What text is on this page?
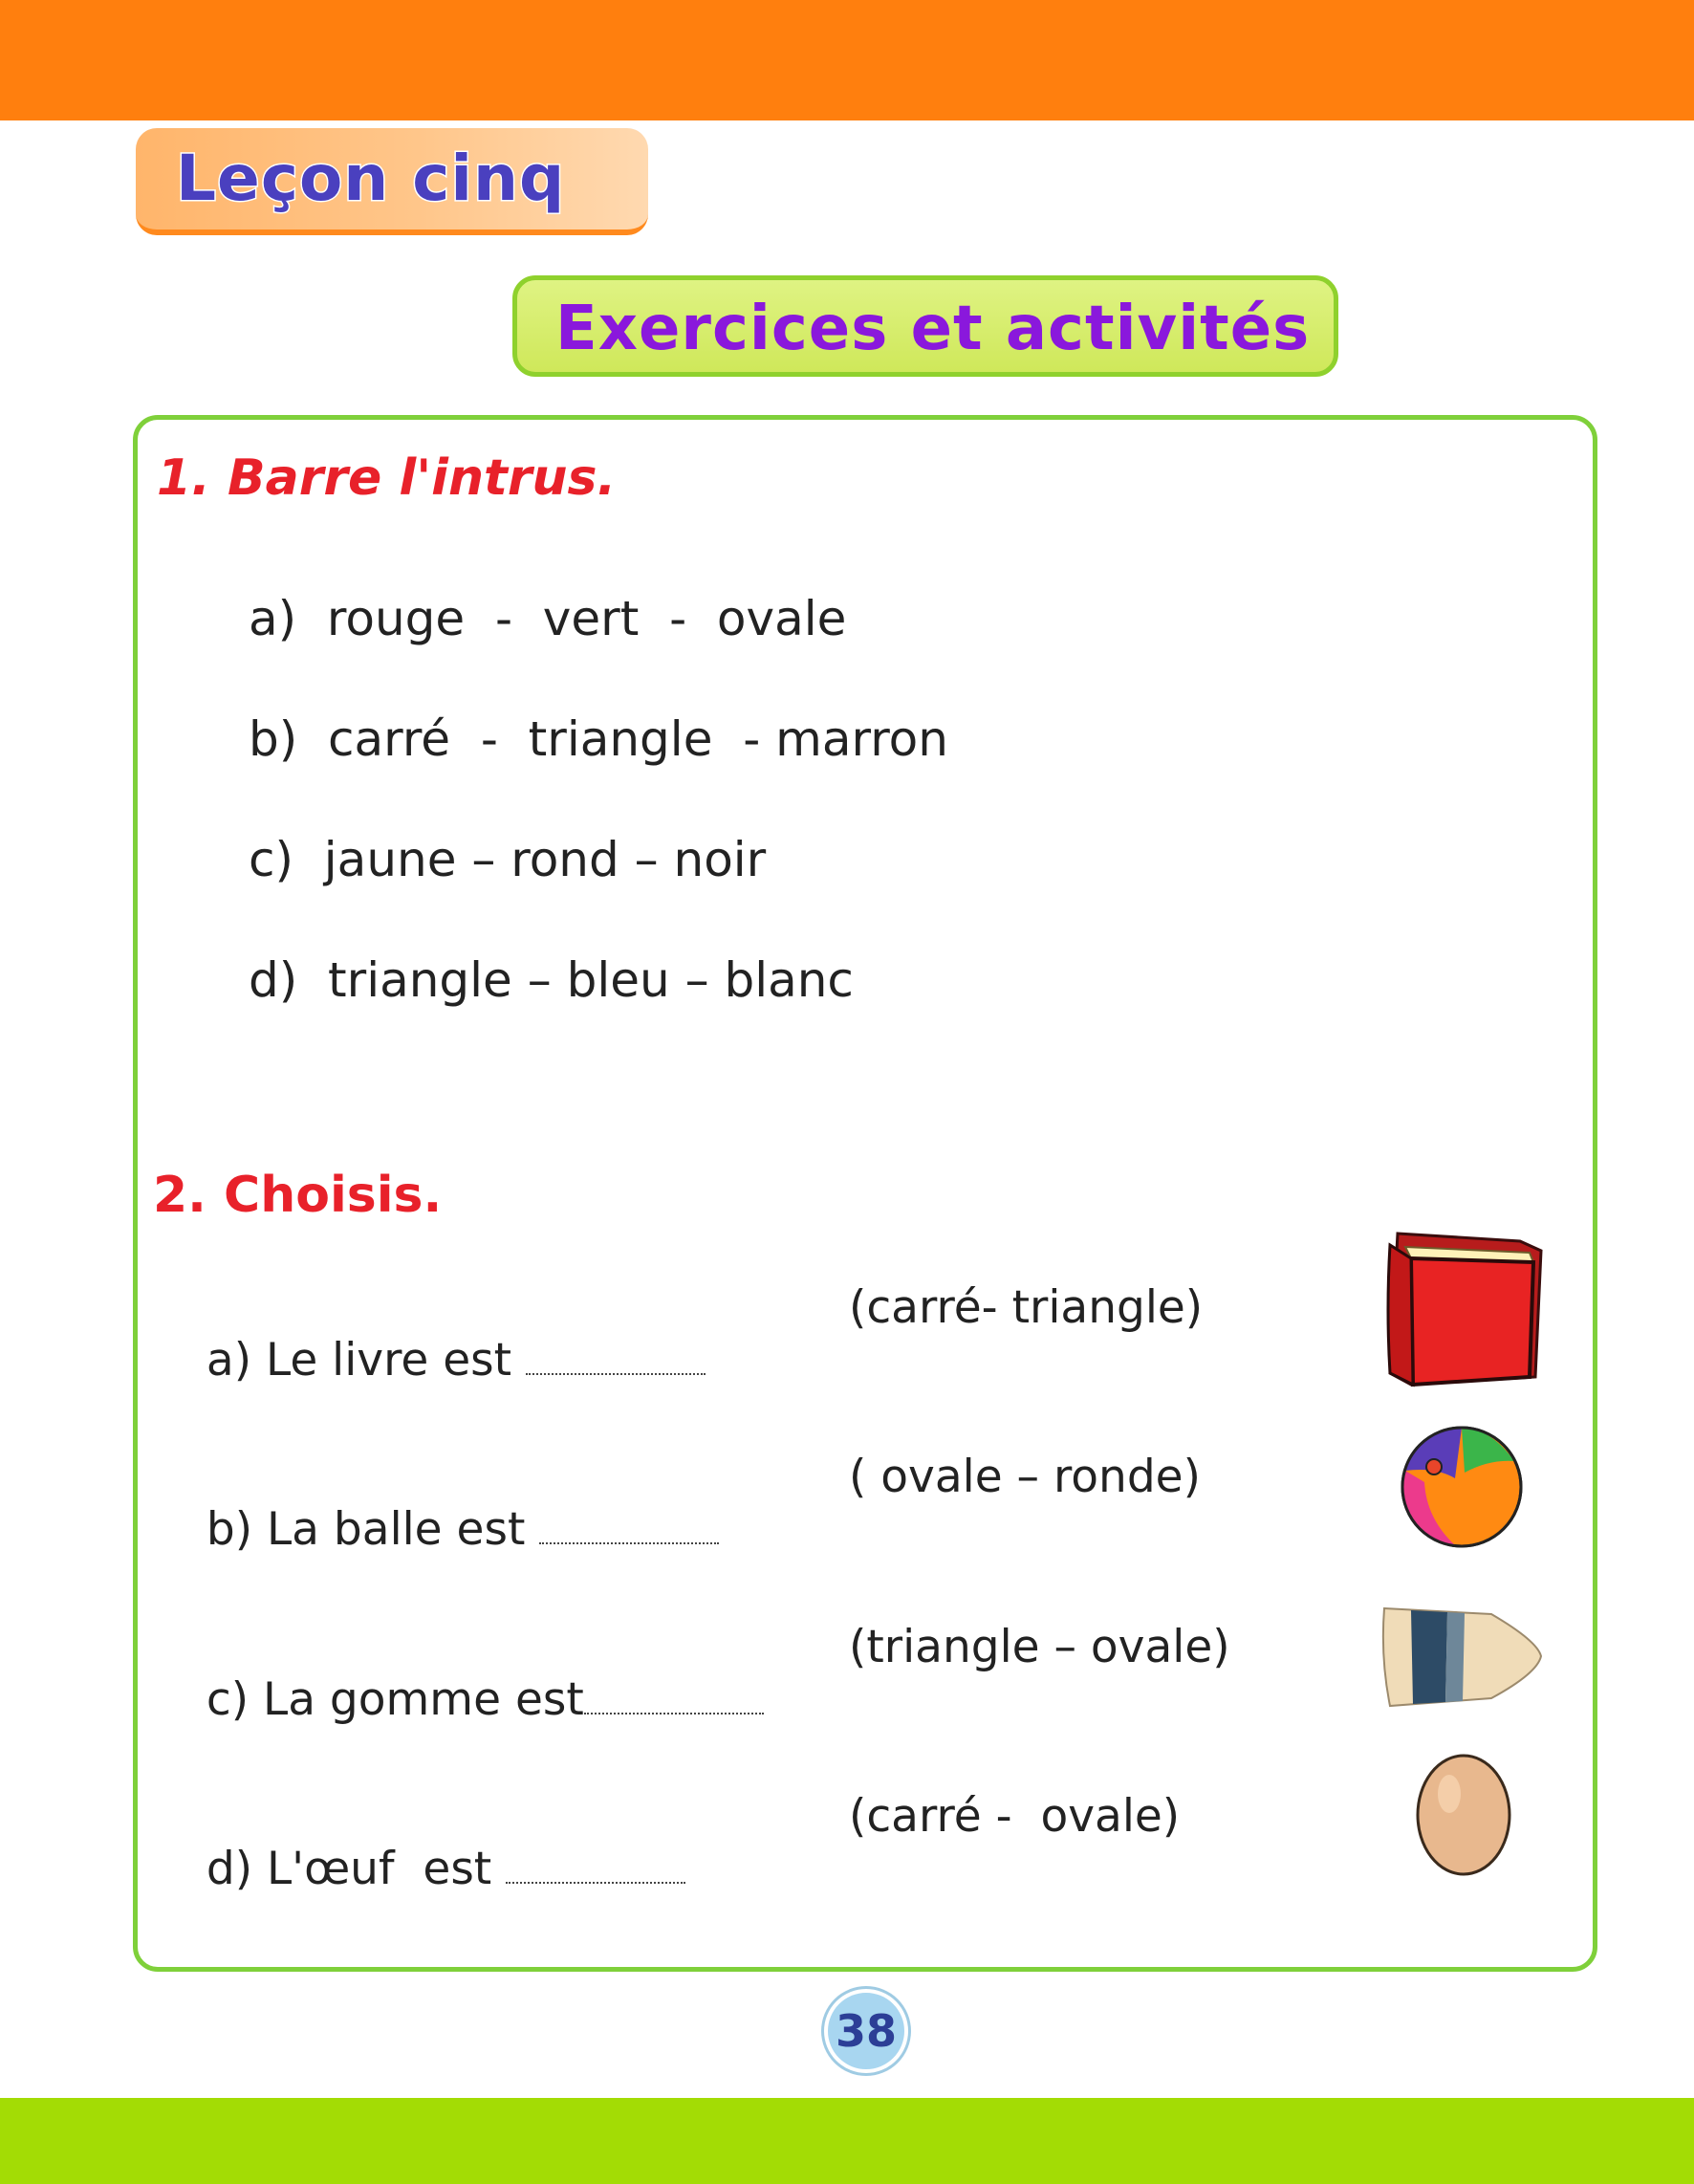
Leçon cinq
Exercices et activités
1. Barre l'intrus.
a)  rouge  -  vert  -  ovale
b)  carré  -  triangle  - marron
c)  jaune – rond – noir
d)  triangle – bleu – blanc
2. Choisis.

a) Le livre est

(carré- triangle)

b) La balle est

( ovale – ronde)

c) La gomme est

(triangle – ovale)

d) L'œuf  est

(carré -  ovale)
38
